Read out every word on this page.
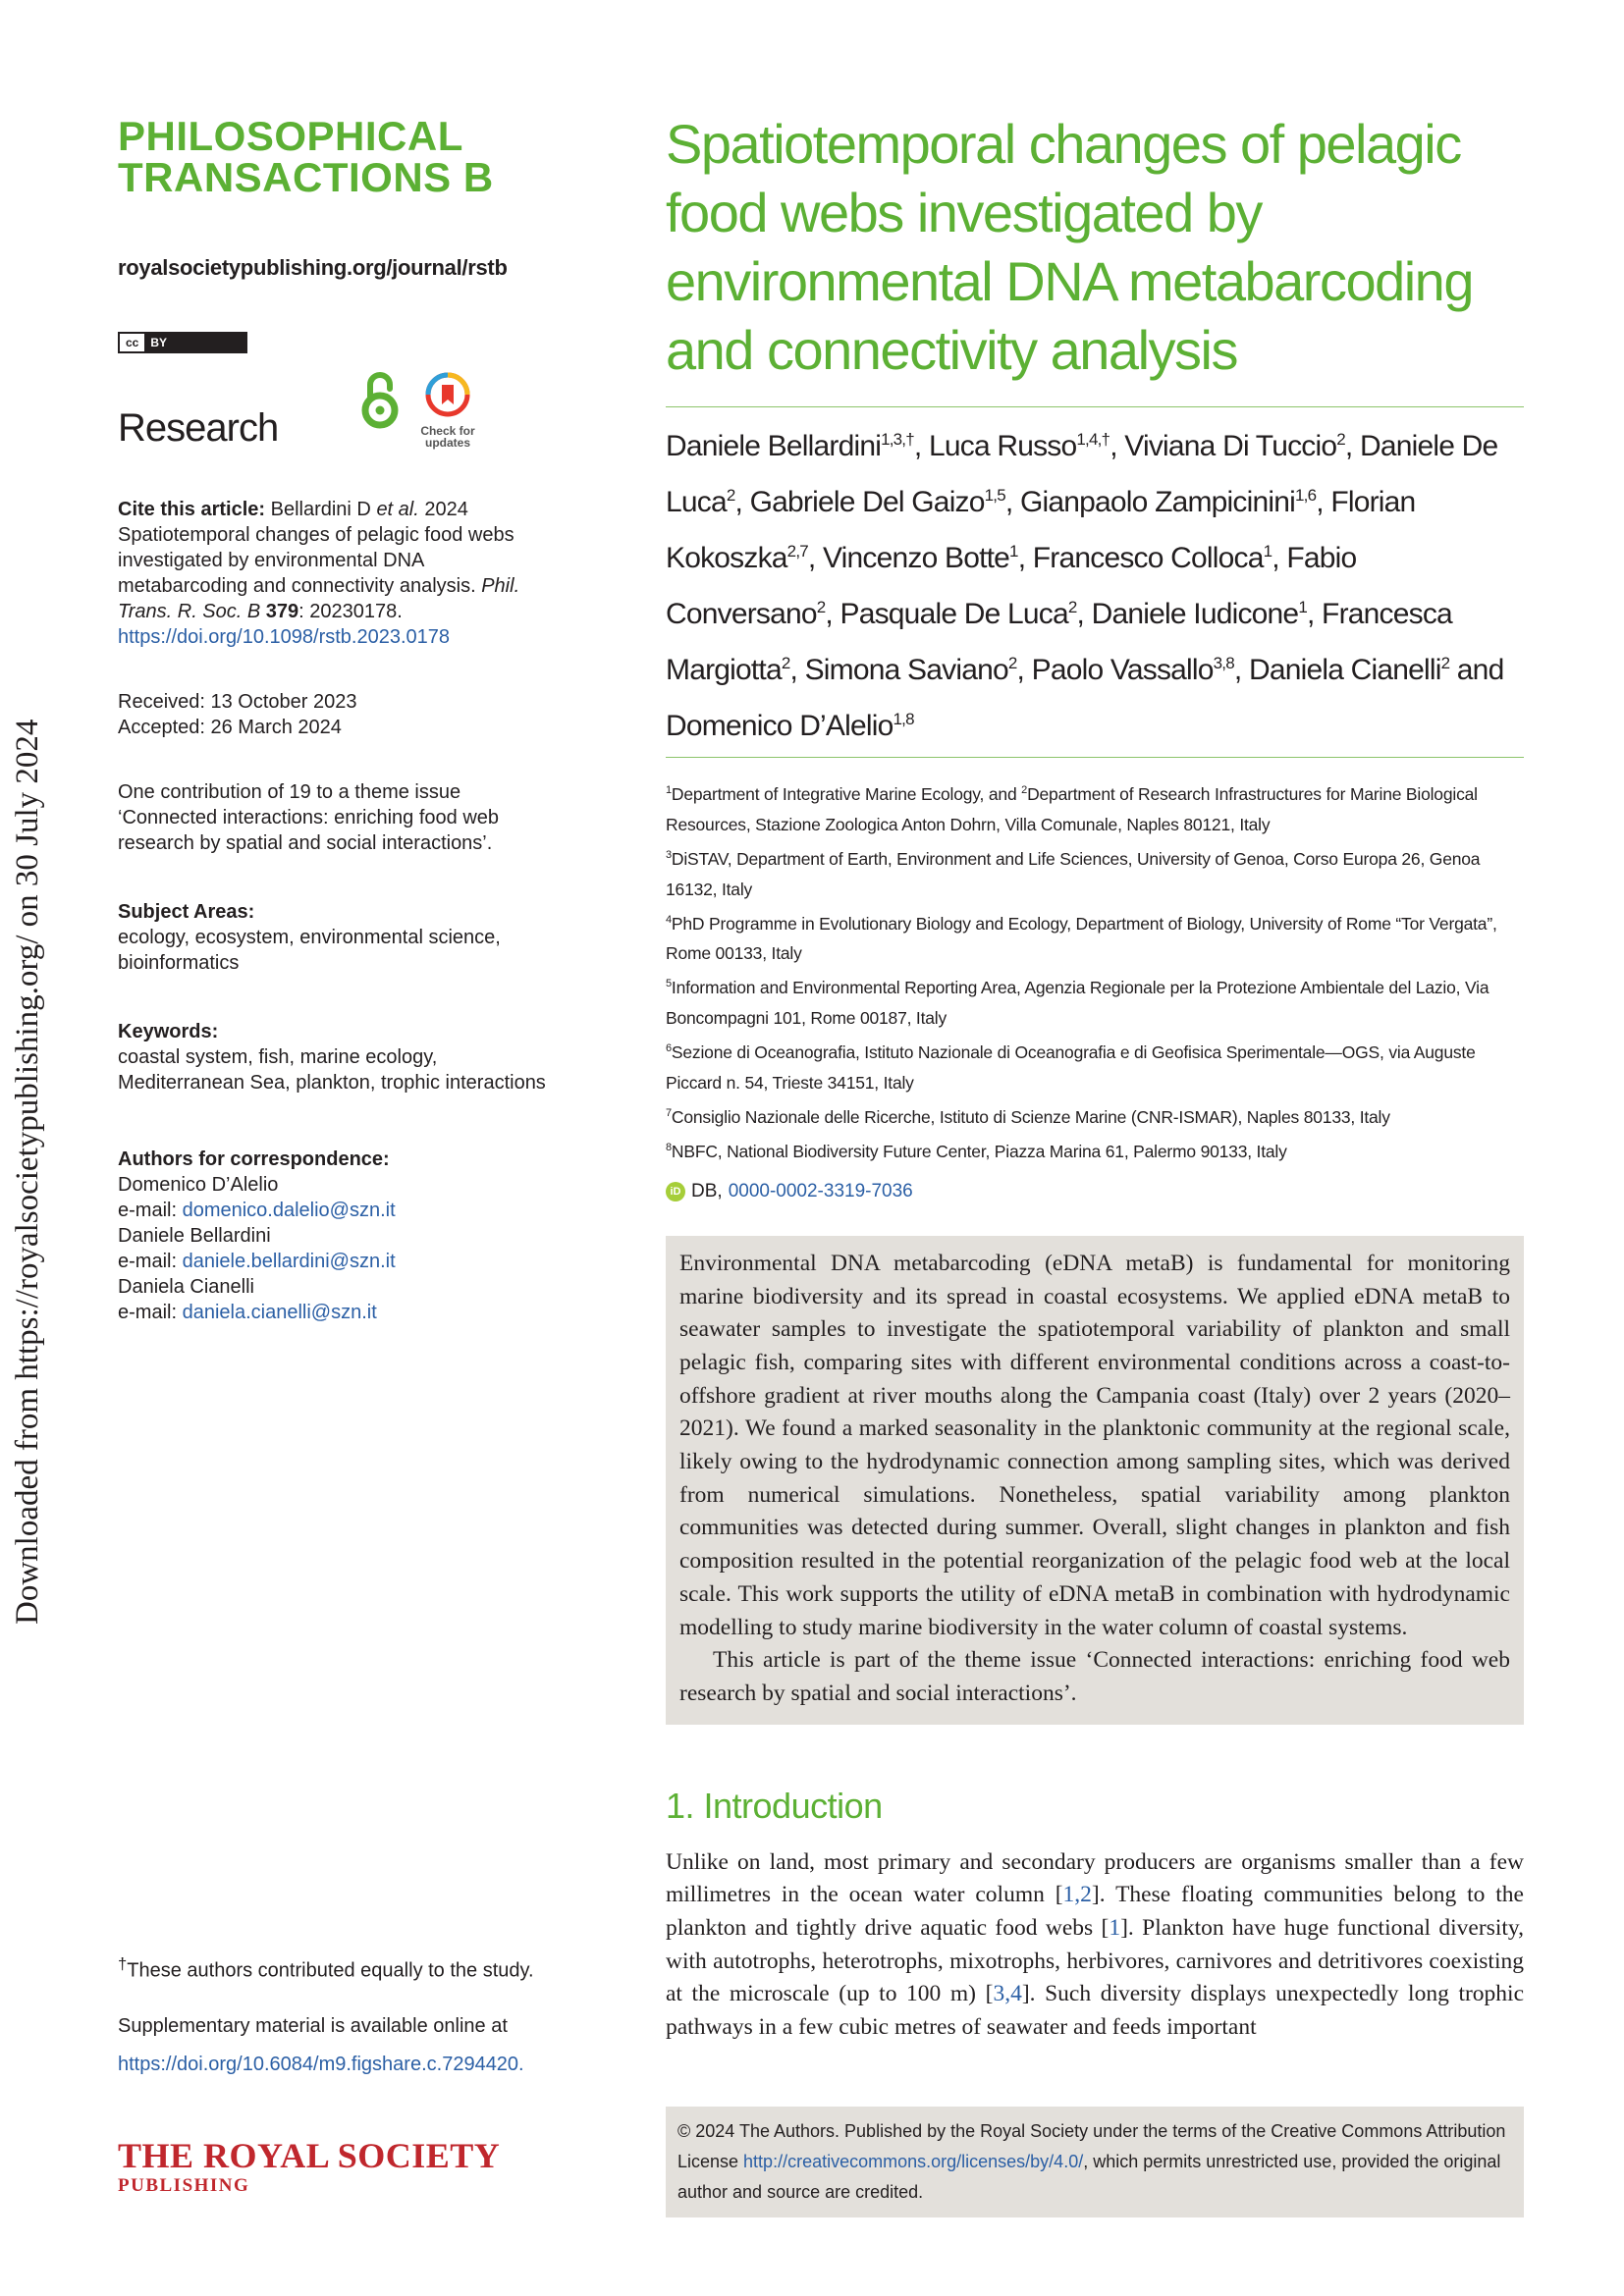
Downloaded from https://royalsocietypublishing.org/ on 30 July 2024
PHILOSOPHICAL
TRANSACTIONS B
royalsocietypublishing.org/journal/rstb
cc	BY
Research	Check for
updates
Cite this article: Bellardini D et al. 2024 Spatiotemporal changes of pelagic food webs investigated by environmental DNA metabarcoding and connectivity analysis. Phil. Trans. R. Soc. B 379: 20230178.
https://doi.org/10.1098/rstb.2023.0178
Received: 13 October 2023
Accepted: 26 March 2024
One contribution of 19 to a theme issue ‘Connected interactions: enriching food web research by spatial and social interactions’.
Subject Areas:
ecology, ecosystem, environmental science, bioinformatics
Keywords:
coastal system, fish, marine ecology, Mediterranean Sea, plankton, trophic interactions
Authors for correspondence:
Domenico D’Alelio
e-mail: domenico.dalelio@szn.it
Daniele Bellardini
e-mail: daniele.bellardini@szn.it
Daniela Cianelli
e-mail: daniela.cianelli@szn.it
†These authors contributed equally to the study.
Supplementary material is available online at
https://doi.org/10.6084/m9.figshare.c.7294420.
THE ROYAL SOCIETY
PUBLISHING
Spatiotemporal changes of pelagic food webs investigated by environmental DNA metabarcoding and connectivity analysis
Daniele Bellardini$^{1,3,\dagger}$, Luca Russo$^{1,4,\dagger}$, Viviana Di Tuccio$^2$, Daniele De Luca$^2$, Gabriele Del Gaizo$^{1,5}$, Gianpaolo Zampicinini$^{1,6}$, Florian Kokoszka$^{2,7}$, Vincenzo Botte$^1$, Francesco Colloca$^1$, Fabio Conversano$^2$, Pasquale De Luca$^2$, Daniele Iudicone$^1$, Francesca Margiotta$^2$, Simona Saviano$^2$, Paolo Vassallo$^{3,8}$, Daniela Cianelli$^2$ and Domenico D’Alelio$^{1,8}$
$^1$Department of Integrative Marine Ecology, and $^2$Department of Research Infrastructures for Marine Biological Resources, Stazione Zoologica Anton Dohrn, Villa Comunale, Naples 80121, Italy
$^3$DiSTAV, Department of Earth, Environment and Life Sciences, University of Genoa, Corso Europa 26, Genoa 16132, Italy
$^4$PhD Programme in Evolutionary Biology and Ecology, Department of Biology, University of Rome “Tor Vergata”, Rome 00133, Italy
$^5$Information and Environmental Reporting Area, Agenzia Regionale per la Protezione Ambientale del Lazio, Via Boncompagni 101, Rome 00187, Italy
$^6$Sezione di Oceanografia, Istituto Nazionale di Oceanografia e di Geofisica Sperimentale—OGS, via Auguste Piccard n. 54, Trieste 34151, Italy
$^7$Consiglio Nazionale delle Ricerche, Istituto di Scienze Marine (CNR-ISMAR), Naples 80133, Italy
$^8$NBFC, National Biodiversity Future Center, Piazza Marina 61, Palermo 90133, Italy
iD DB, 0000-0002-3319-7036

Environmental DNA metabarcoding (eDNA metaB) is fundamental for monitoring marine biodiversity and its spread in coastal ecosystems. We applied eDNA metaB to seawater samples to investigate the spatiotemporal variability of plankton and small pelagic fish, comparing sites with different environmental conditions across a coast-to-offshore gradient at river mouths along the Campania coast (Italy) over 2 years (2020–2021). We found a marked seasonality in the planktonic community at the regional scale, likely owing to the hydrodynamic connection among sampling sites, which was derived from numerical simulations. Nonetheless, spatial variability among plankton communities was detected during summer. Overall, slight changes in plankton and fish composition resulted in the potential reorganization of the pelagic food web at the local scale. This work supports the utility of eDNA metaB in combination with hydrodynamic modelling to study marine biodiversity in the water column of coastal systems.

This article is part of the theme issue ‘Connected interactions: enriching food web research by spatial and social interactions’.

1. Introduction
Unlike on land, most primary and secondary producers are organisms smaller than a few millimetres in the ocean water column [1,2]. These floating communities belong to the plankton and tightly drive aquatic food webs [1]. Plankton have huge functional diversity, with autotrophs, heterotrophs, mixotrophs, herbivores, carnivores and detritivores coexisting at the microscale (up to 100 m) [3,4]. Such diversity displays unexpectedly long trophic pathways in a few cubic metres of seawater and feeds important
© 2024 The Authors. Published by the Royal Society under the terms of the Creative Commons Attribution License http://creativecommons.org/licenses/by/4.0/, which permits unrestricted use, provided the original author and source are credited.
